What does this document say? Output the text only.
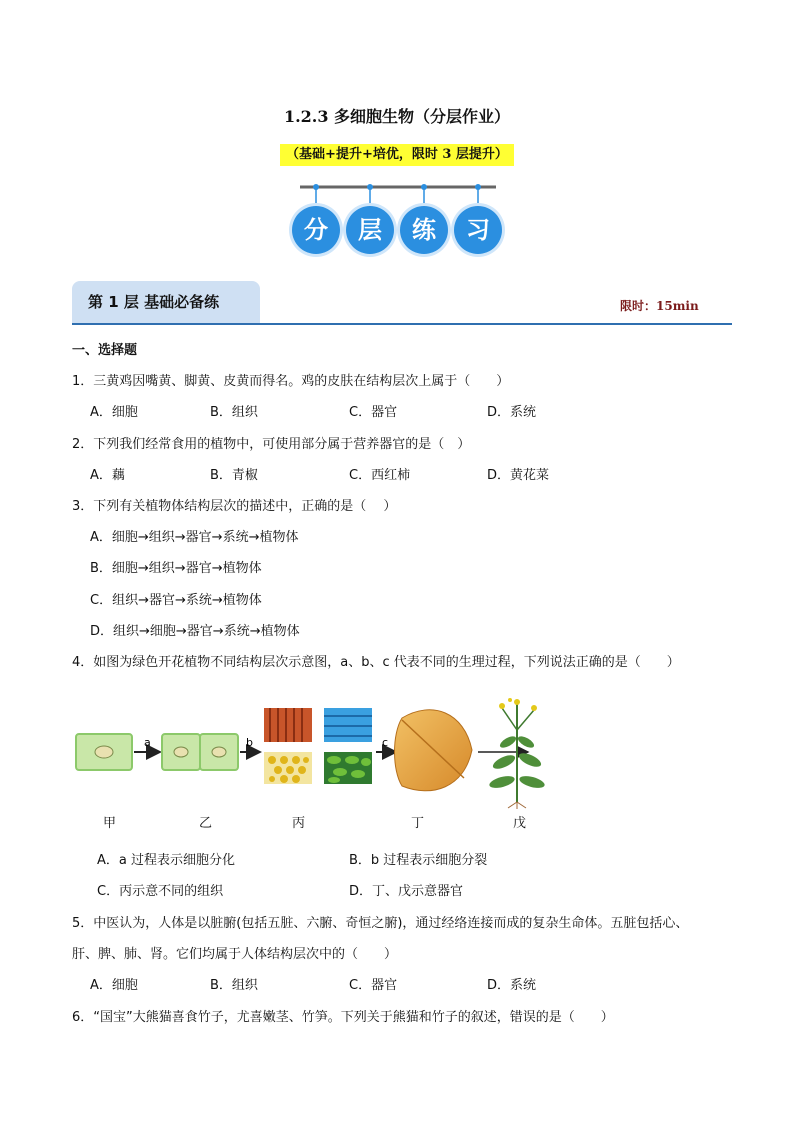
1.2.3 多细胞生物（分层作业）
（基础+提升+培优，限时 3 层提升）
分	层	练	习
第 1 层 基础必备练	限时：15min
一、选择题
1．三黄鸡因嘴黄、脚黄、皮黄而得名。鸡的皮肤在结构层次上属于（　　）
A．细胞	B．组织	C．器官	D．系统
2．下列我们经常食用的植物中，可使用部分属于营养器官的是（　）
A．藕	B．青椒	C．西红柿	D．黄花菜
3．下列有关植物体结构层次的描述中，正确的是（　 ）
A．细胞→组织→器官→系统→植物体
B．细胞→组织→器官→植物体
C．组织→器官→系统→植物体
D．组织→细胞→器官→系统→植物体
4．如图为绿色开花植物不同结构层次示意图，a、b、c 代表不同的生理过程，下列说法正确的是（　　）
a	b	c
甲	乙	丙	丁	戊
A．a 过程表示细胞分化	B．b 过程表示细胞分裂
C．丙示意不同的组织	D．丁、戊示意器官
5．中医认为，人体是以脏腑(包括五脏、六腑、奇恒之腑)，通过经络连接而成的复杂生命体。五脏包括心、
肝、脾、肺、肾。它们均属于人体结构层次中的（　　）
A．细胞	B．组织	C．器官	D．系统
6．“国宝”大熊猫喜食竹子，尤喜嫩茎、竹笋。下列关于熊猫和竹子的叙述，错误的是（　　）
